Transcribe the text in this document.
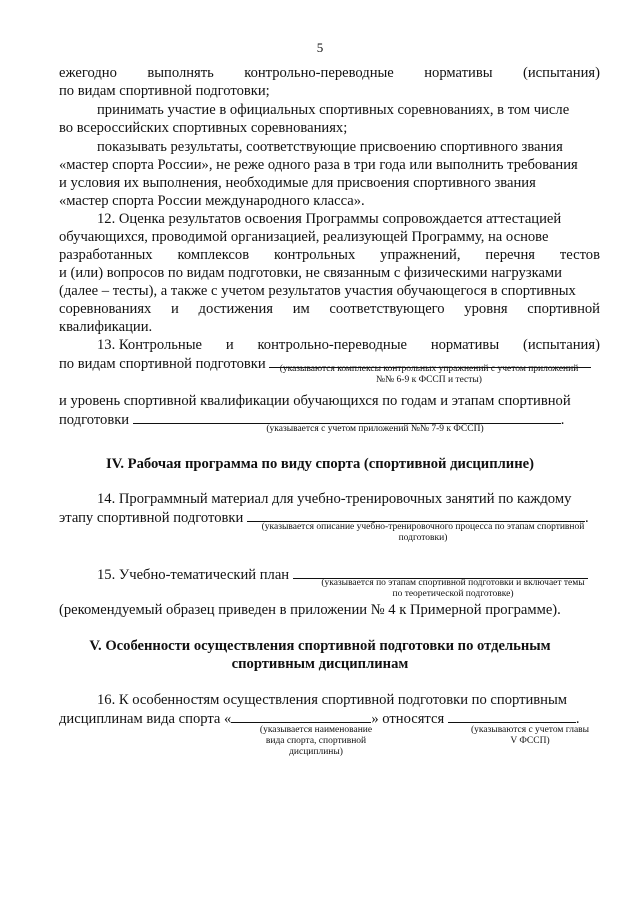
5
ежегодно выполнять контрольно-переводные нормативы (испытания)
по видам спортивной подготовки;
принимать участие в официальных спортивных соревнованиях, в том числе
во всероссийских спортивных соревнованиях;
показывать результаты, соответствующие присвоению спортивного звания
«мастер спорта России», не реже одного раза в три года или выполнить требования
и условия их выполнения, необходимые для присвоения спортивного звания
«мастер спорта России международного класса».
12. Оценка результатов освоения Программы сопровождается аттестацией
обучающихся, проводимой организацией, реализующей Программу, на основе
разработанных комплексов контрольных упражнений, перечня тестов
и (или) вопросов по видам подготовки, не связанным с физическими нагрузками
(далее – тесты), а также с учетом результатов участия обучающегося в спортивных
соревнованиях и достижения им соответствующего уровня спортивной
квалификации.
13. Контрольные и контрольно-переводные нормативы (испытания)
по видам спортивной подготовки	(указываются комплексы контрольных упражнений с учетом приложений
№№ 6-9 к ФССП и тесты)
и уровень спортивной квалификации обучающихся по годам и этапам спортивной
подготовки	.
(указывается с учетом приложений №№ 7-9 к ФССП)
IV. Рабочая программа по виду спорта (спортивной дисциплине)
14. Программный материал для учебно-тренировочных занятий по каждому
этапу спортивной подготовки	.
(указывается описание учебно-тренировочного процесса по этапам спортивной
подготовки)
15. Учебно-тематический план	(указывается по этапам спортивной подготовки и включает темы
по теоретической подготовке)
(рекомендуемый образец приведен в приложении № 4 к Примерной программе).
V. Особенности осуществления спортивной подготовки по отдельным
спортивным дисциплинам
16. К особенностям осуществления спортивной подготовки по спортивным
дисциплинам вида спорта «	» относятся	.
(указывается наименование
вида спорта, спортивной
дисциплины)
(указываются с учетом главы
V ФССП)
